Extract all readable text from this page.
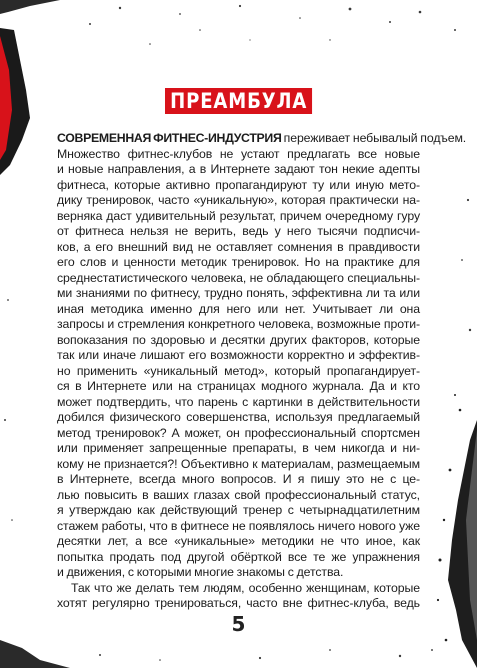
ПРЕАМБУЛА
СОВРЕМЕННАЯ ФИТНЕС-ИНДУСТРИЯ переживает небывалый подъем.
Множество фитнес-клубов не устают предлагать все новые
и новые направления, а в Интернете задают тон некие адепты
фитнеса, которые активно пропагандируют ту или иную мето-
дику тренировок, часто «уникальную», которая практически на-
верняка даст удивительный результат, причем очередному гуру
от фитнеса нельзя не верить, ведь у него тысячи подписчи-
ков, а его внешний вид не оставляет сомнения в правдивости
его слов и ценности методик тренировок. Но на практике для
среднестатистического человека, не обладающего специальны-
ми знаниями по фитнесу, трудно понять, эффективна ли та или
иная методика именно для него или нет. Учитывает ли она
запросы и стремления конкретного человека, возможные проти-
вопоказания по здоровью и десятки других факторов, которые
так или иначе лишают его возможности корректно и эффектив-
но применить «уникальный метод», который пропагандирует-
ся в Интернете или на страницах модного журнала. Да и кто
может подтвердить, что парень с картинки в действительности
добился физического совершенства, используя предлагаемый
метод тренировок? А может, он профессиональный спортсмен
или применяет запрещенные препараты, в чем никогда и ни-
кому не признается?! Объективно к материалам, размещаемым
в Интернете, всегда много вопросов. И я пишу это не с це-
лью повысить в ваших глазах свой профессиональный статус,
я утверждаю как действующий тренер с четырнадцатилетним
стажем работы, что в фитнесе не появлялось ничего нового уже
десятки лет, а все «уникальные» методики не что иное, как
попытка продать под другой обёрткой все те же упражнения
и движения, с которыми многие знакомы с детства.
Так что же делать тем людям, особенно женщинам, которые
хотят регулярно тренироваться, часто вне фитнес-клуба, ведь
5
